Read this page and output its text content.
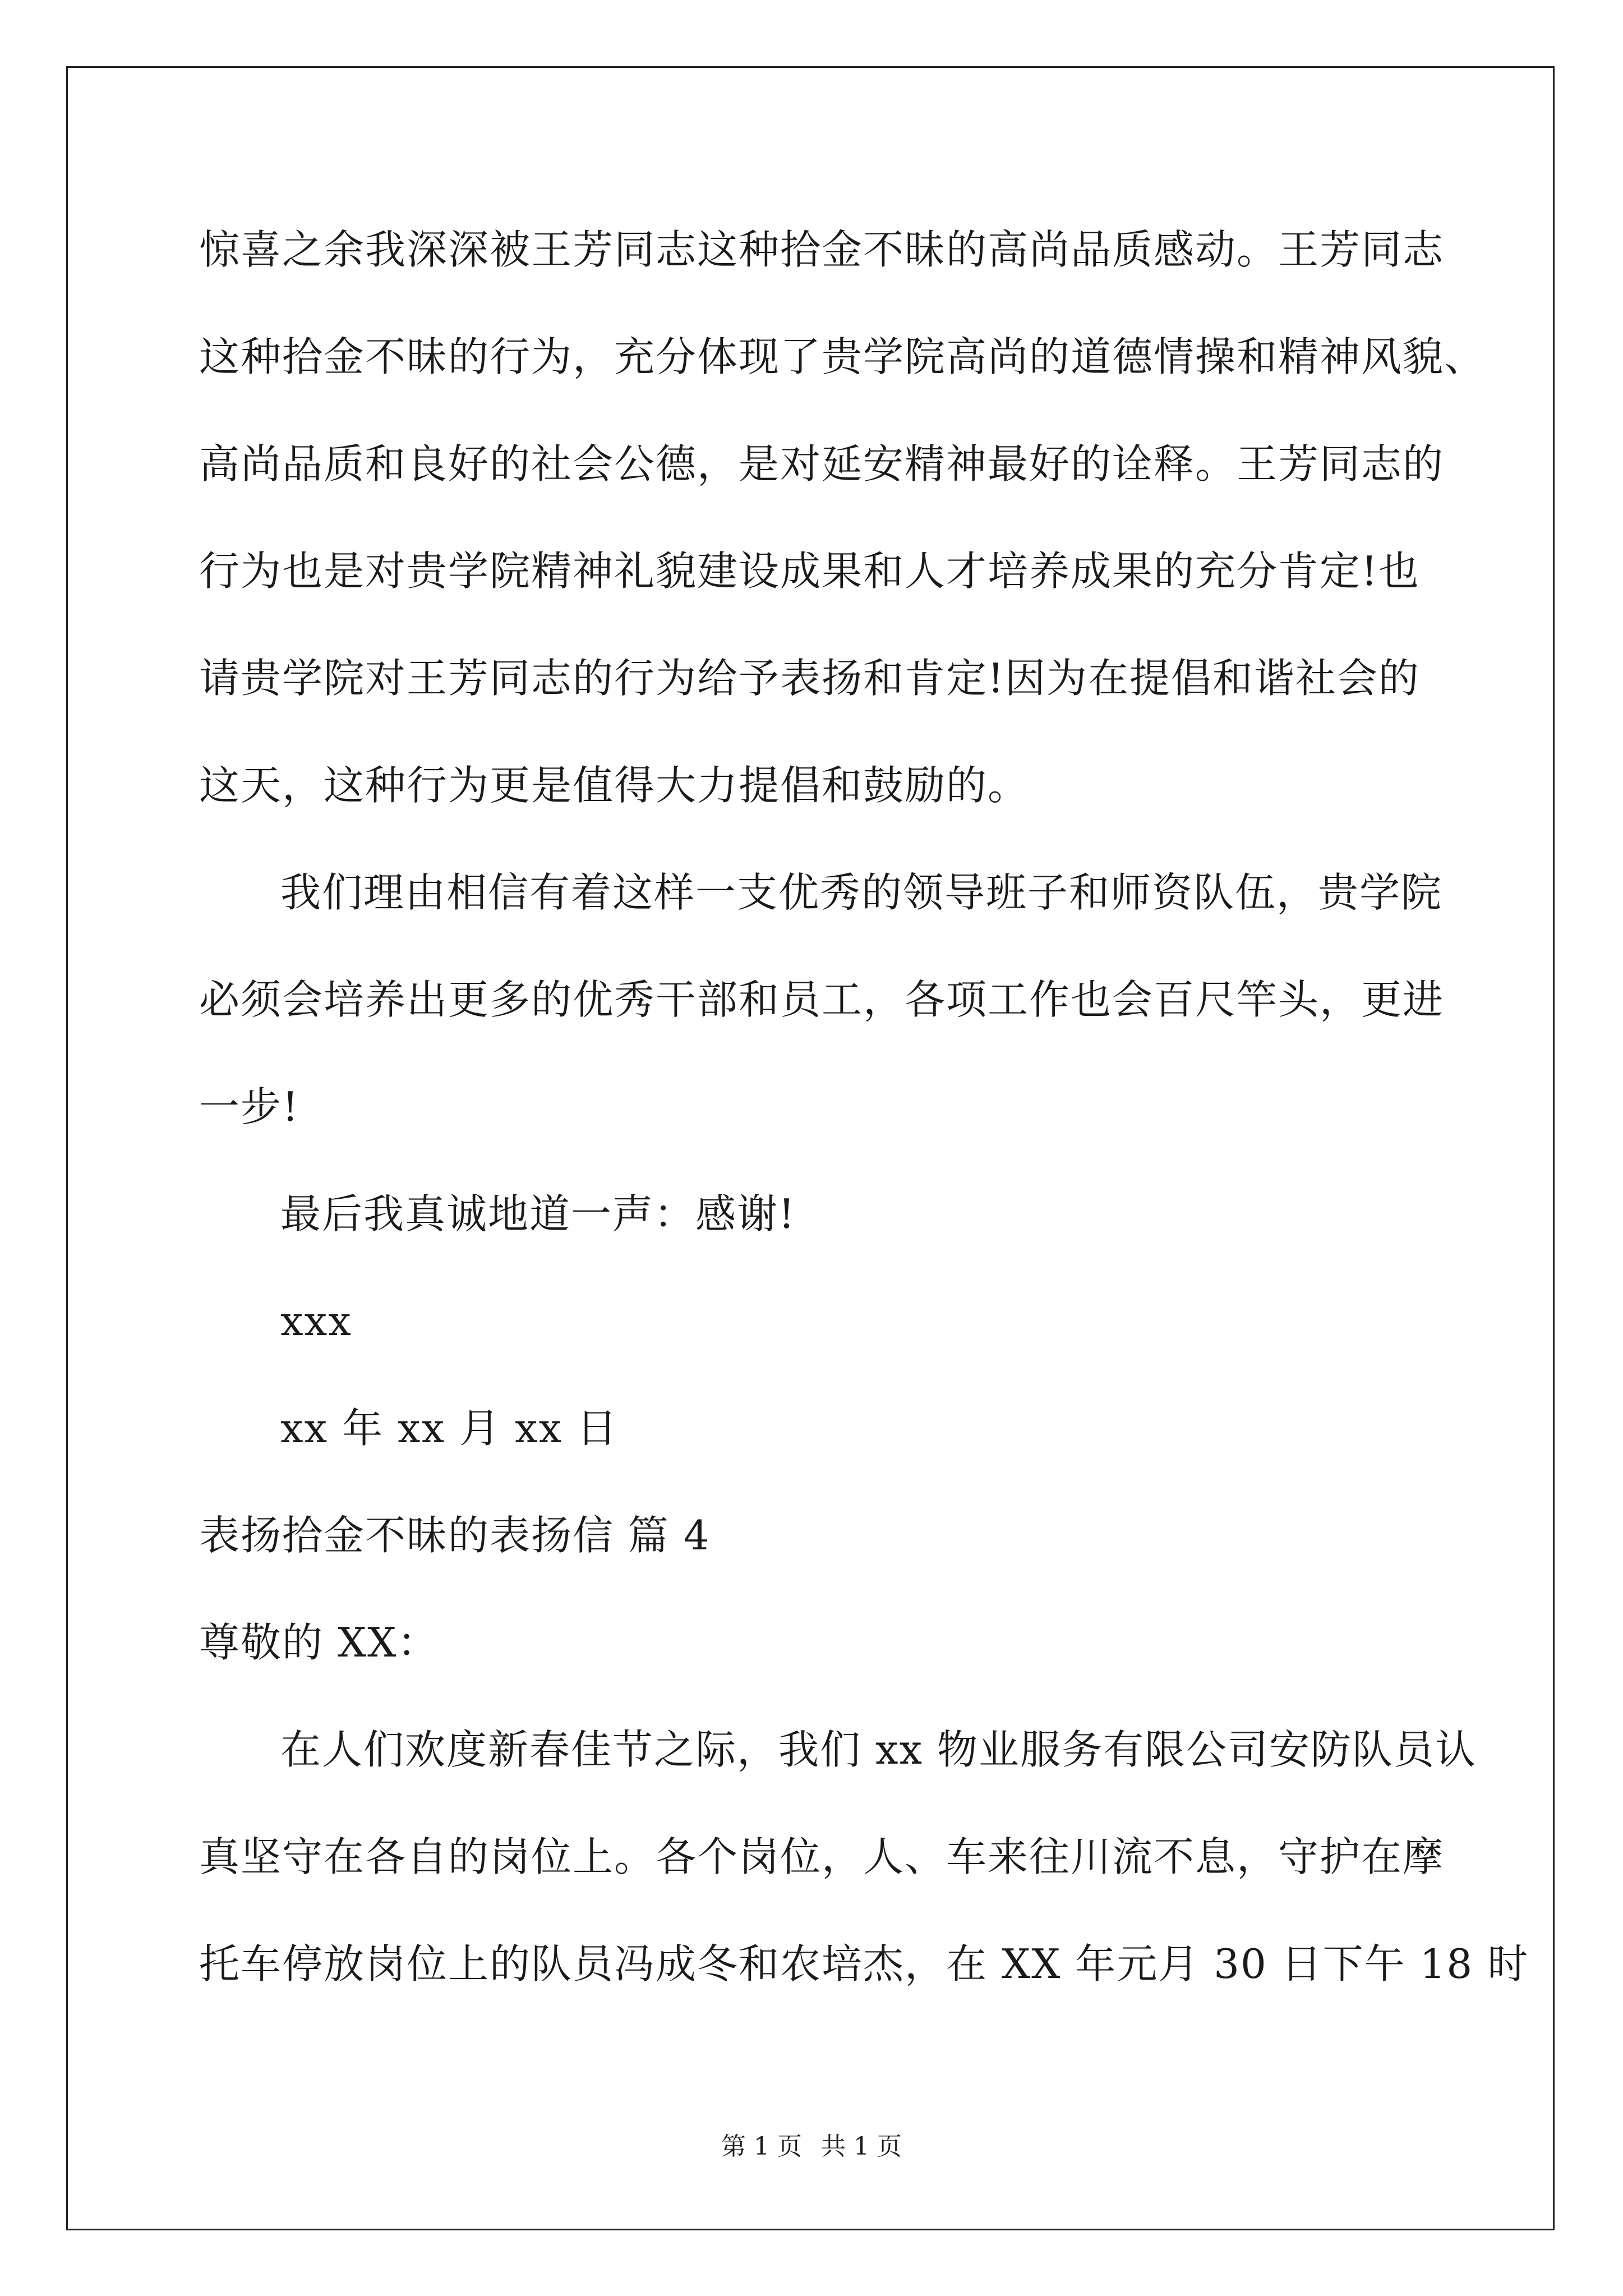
惊喜之余我深深被王芳同志这种拾金不昧的高尚品质感动。王芳同志
这种拾金不昧的行为，充分体现了贵学院高尚的道德情操和精神风貌、
高尚品质和良好的社会公德，是对延安精神最好的诠释。王芳同志的
行为也是对贵学院精神礼貌建设成果和人才培养成果的充分肯定!也
请贵学院对王芳同志的行为给予表扬和肯定!因为在提倡和谐社会的
这天，这种行为更是值得大力提倡和鼓励的。
我们理由相信有着这样一支优秀的领导班子和师资队伍，贵学院
必须会培养出更多的优秀干部和员工，各项工作也会百尺竿头，更进
一步!
最后我真诚地道一声：感谢!
xxx
xx 年 xx 月 xx 日
表扬拾金不昧的表扬信 篇 4
尊敬的 XX：
在人们欢度新春佳节之际，我们 xx 物业服务有限公司安防队员认
真坚守在各自的岗位上。各个岗位，人、车来往川流不息，守护在摩
托车停放岗位上的队员冯成冬和农培杰，在 XX 年元月 30 日下午 18 时
第 1 页 共 1 页
